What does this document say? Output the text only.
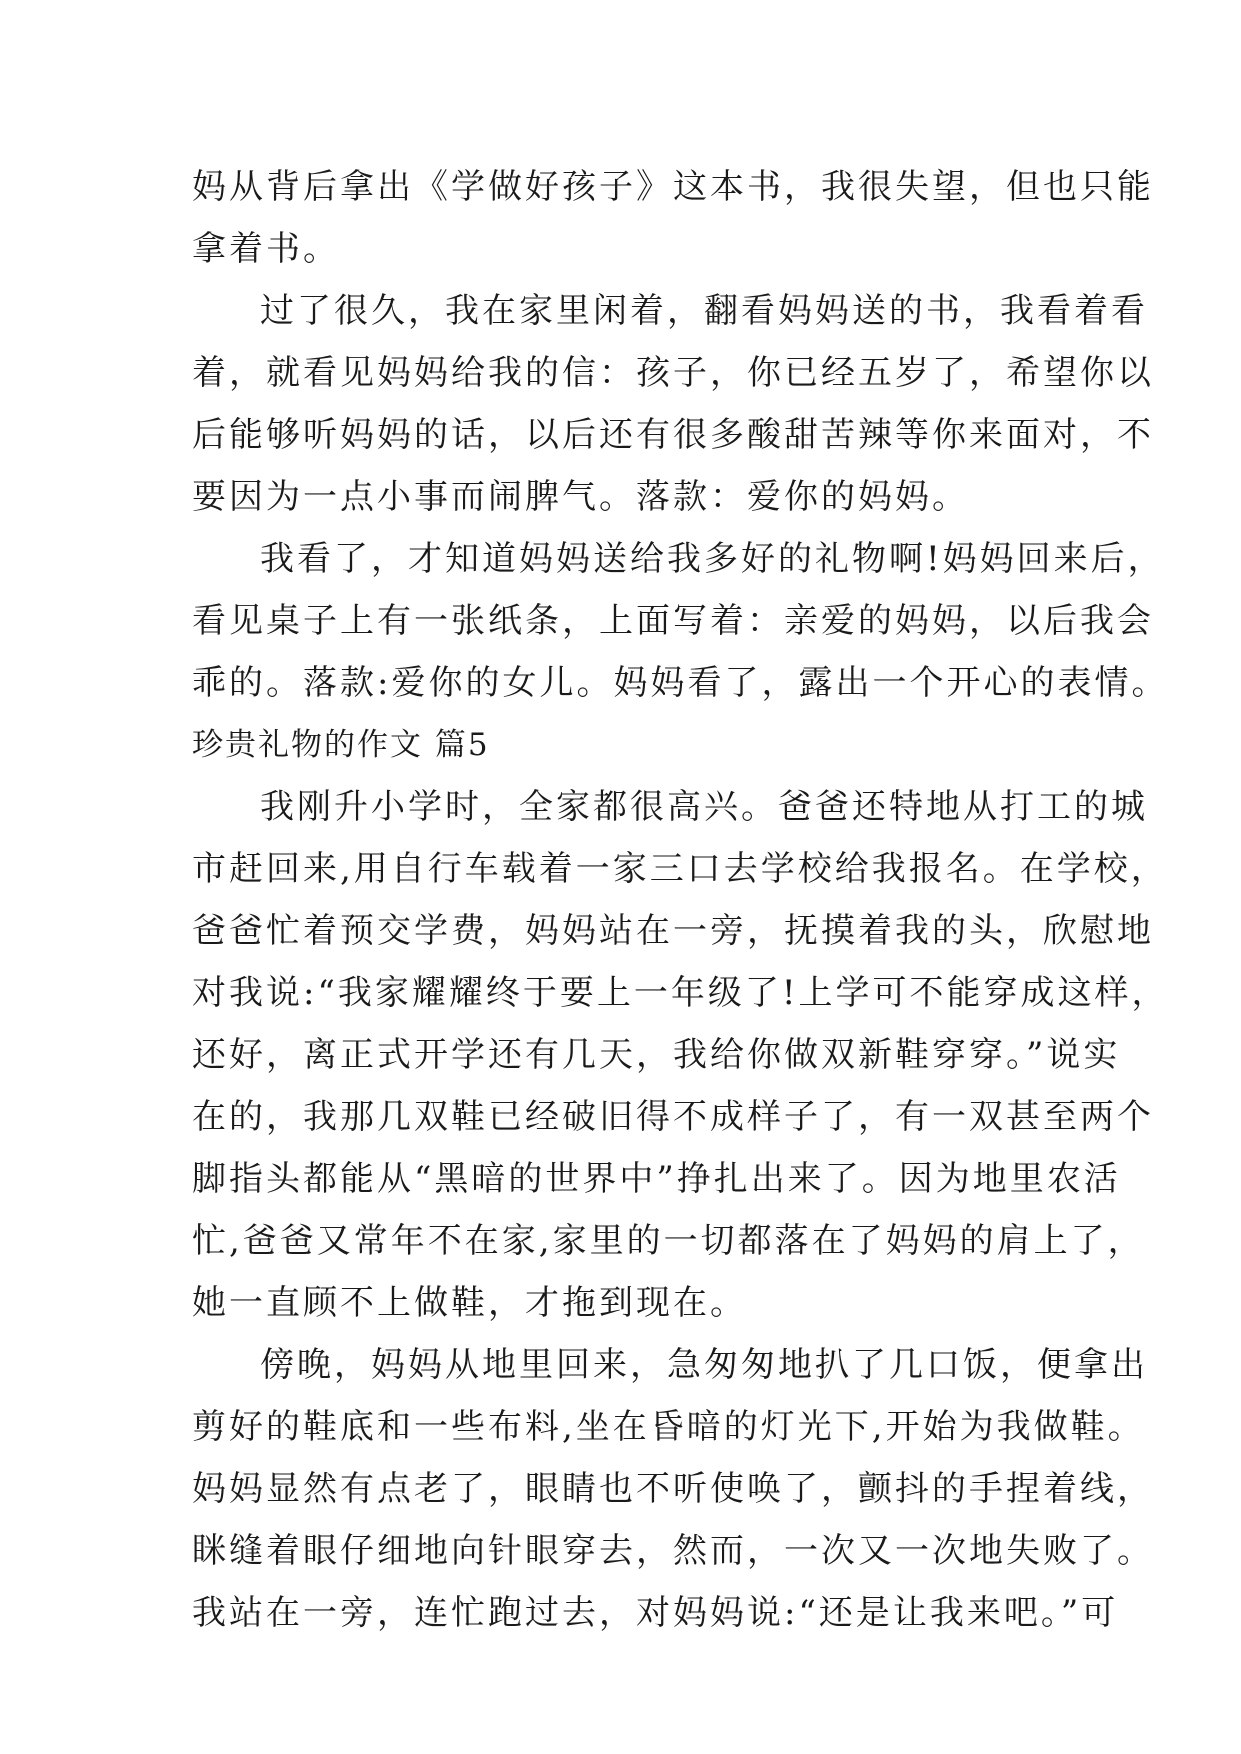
妈从背后拿出《学做好孩子》这本书，我很失望，但也只能
拿着书。
过了很久，我在家里闲着，翻看妈妈送的书，我看着看
着，就看见妈妈给我的信：孩子，你已经五岁了，希望你以
后能够听妈妈的话，以后还有很多酸甜苦辣等你来面对，不
要因为一点小事而闹脾气。落款：爱你的妈妈。
我看了，才知道妈妈送给我多好的礼物啊!妈妈回来后，
看见桌子上有一张纸条，上面写着：亲爱的妈妈，以后我会
乖的。落款:爱你的女儿。妈妈看了，露出一个开心的表情。
珍贵礼物的作文 篇5
我刚升小学时，全家都很高兴。爸爸还特地从打工的城
市赶回来,用自行车载着一家三口去学校给我报名。在学校，
爸爸忙着预交学费，妈妈站在一旁，抚摸着我的头，欣慰地
对我说:“我家耀耀终于要上一年级了!上学可不能穿成这样，
还好，离正式开学还有几天，我给你做双新鞋穿穿。”说实
在的，我那几双鞋已经破旧得不成样子了，有一双甚至两个
脚指头都能从“黑暗的世界中”挣扎出来了。因为地里农活
忙,爸爸又常年不在家,家里的一切都落在了妈妈的肩上了，
她一直顾不上做鞋，才拖到现在。
傍晚，妈妈从地里回来，急匆匆地扒了几口饭，便拿出
剪好的鞋底和一些布料,坐在昏暗的灯光下,开始为我做鞋。
妈妈显然有点老了，眼睛也不听使唤了，颤抖的手捏着线，
眯缝着眼仔细地向针眼穿去，然而，一次又一次地失败了。
我站在一旁，连忙跑过去，对妈妈说:“还是让我来吧。”可
